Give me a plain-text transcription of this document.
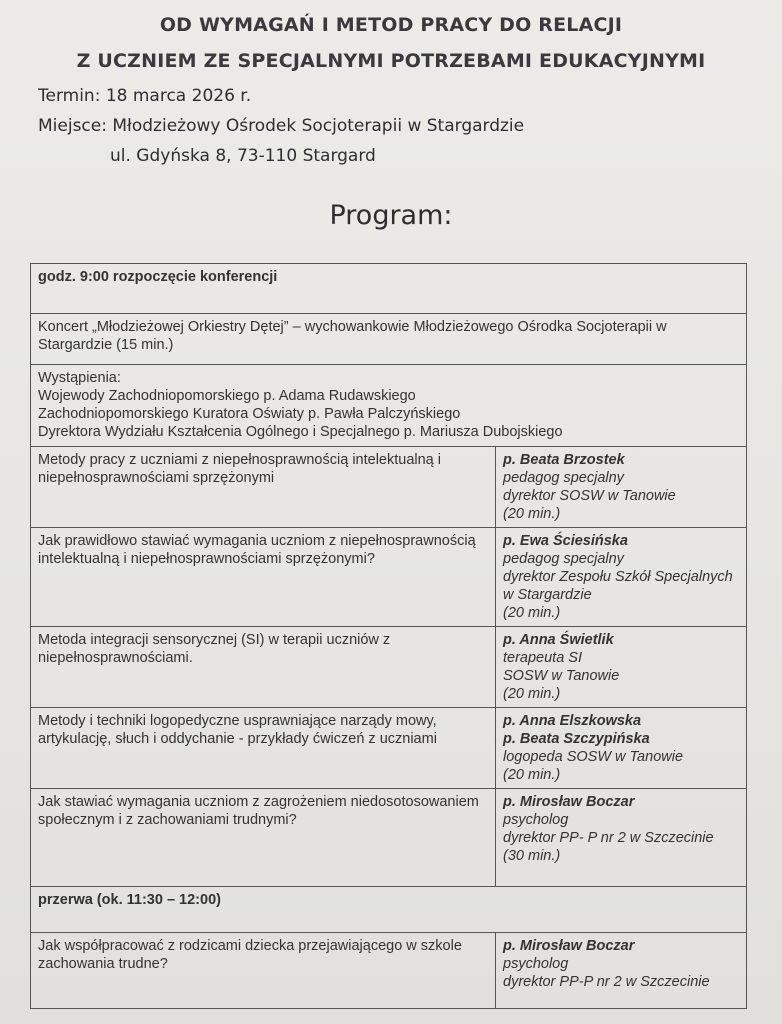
OD WYMAGAŃ I METOD PRACY DO RELACJI
Z UCZNIEM ZE SPECJALNYMI POTRZEBAMI EDUKACYJNYMI
Termin: 18 marca 2026 r.
Miejsce: Młodzieżowy Ośrodek Socjoterapii w Stargardzie
ul. Gdyńska 8, 73-110 Stargard
Program:
godz. 9:00 rozpoczęcie konferencji	
Koncert „Młodzieżowej Orkiestry Dętej” – wychowankowie Młodzieżowego Ośrodka Socjoterapii w Stargardzie (15 min.)	

Wystąpienia:
Wojewody Zachodniopomorskiego p. Adama Rudawskiego
Zachodniopomorskiego Kuratora Oświaty p. Pawła Palczyńskiego
Dyrektora Wydziału Kształcenia Ogólnego i Specjalnego p. Mariusza Dubojskiego	

Metody pracy z uczniami z niepełnosprawnością intelektualną i niepełnosprawnościami sprzężonymi	p. Beata Brzostek
pedagog specjalny
dyrektor SOSW w Tanowie
(20 min.)

Jak prawidłowo stawiać wymagania uczniom z niepełnosprawnością intelektualną i niepełnosprawnościami sprzężonymi?	p. Ewa Ściesińska
pedagog specjalny
dyrektor Zespołu Szkół Specjalnych w Stargardzie
(20 min.)

Metoda integracji sensorycznej (SI) w terapii uczniów z niepełnosprawnościami.	p. Anna Świetlik
terapeuta SI
SOSW w Tanowie
(20 min.)

Metody i techniki logopedyczne usprawniające narządy mowy, artykulację, słuch i oddychanie - przykłady ćwiczeń z uczniami	p. Anna Elszkowska
p. Beata Szczypińska
logopeda SOSW w Tanowie
(20 min.)

Jak stawiać wymagania uczniom z zagrożeniem niedosotosowaniem społecznym i z zachowaniami trudnymi?	p. Mirosław Boczar
psycholog
dyrektor PP- P nr 2 w Szczecinie
(30 min.)

przerwa (ok. 11:30 – 12:00)	
Jak współpracować z rodzicami dziecka przejawiającego w szkole zachowania trudne?	p. Mirosław Boczar
psycholog
dyrektor PP-P nr 2 w Szczecinie
